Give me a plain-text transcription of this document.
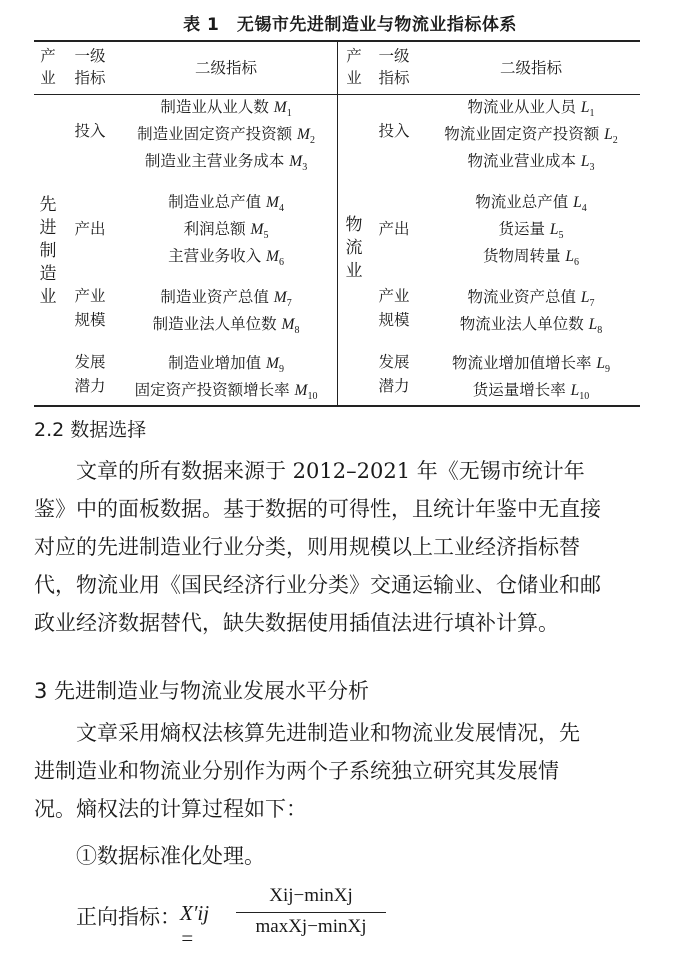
表 1　无锡市先进制造业与物流业指标体系
产
业
一级
指标
二级指标
产
业
一级
指标
二级指标
先
进
制
造
业
物
流
业
投入
产出
产业
规模
发展
潜力
投入
产出
产业
规模
发展
潜力
制造业从业人数 $M_1$
制造业固定资产投资额 $M_2$
制造业主营业务成本 $M_3$
制造业总产值 $M_4$
利润总额 $M_5$
主营业务收入 $M_6$
制造业资产总值 $M_7$
制造业法人单位数 $M_8$
制造业增加值 $M_9$
固定资产投资额增长率 $M_{10}$
物流业从业人员 $L_1$
物流业固定资产投资额 $L_2$
物流业营业成本 $L_3$
物流业总产值 $L_4$
货运量 $L_5$
货物周转量 $L_6$
物流业资产总值 $L_7$
物流业法人单位数 $L_8$
物流业增加值增长率 $L_9$
货运量增长率 $L_{10}$
2.2 数据选择
文章的所有数据来源于 2012–2021 年《无锡市统计年
鉴》中的面板数据。基于数据的可得性，且统计年鉴中无直接
对应的先进制造业行业分类，则用规模以上工业经济指标替
代，物流业用《国民经济行业分类》交通运输业、仓储业和邮
政业经济数据替代，缺失数据使用插值法进行填补计算。
3 先进制造业与物流业发展水平分析
文章采用熵权法核算先进制造业和物流业发展情况，先
进制造业和物流业分别作为两个子系统独立研究其发展情
况。熵权法的计算过程如下：
①数据标准化处理。
正向指标： X′ij =
Xij−minXj
maxXj−minXj
